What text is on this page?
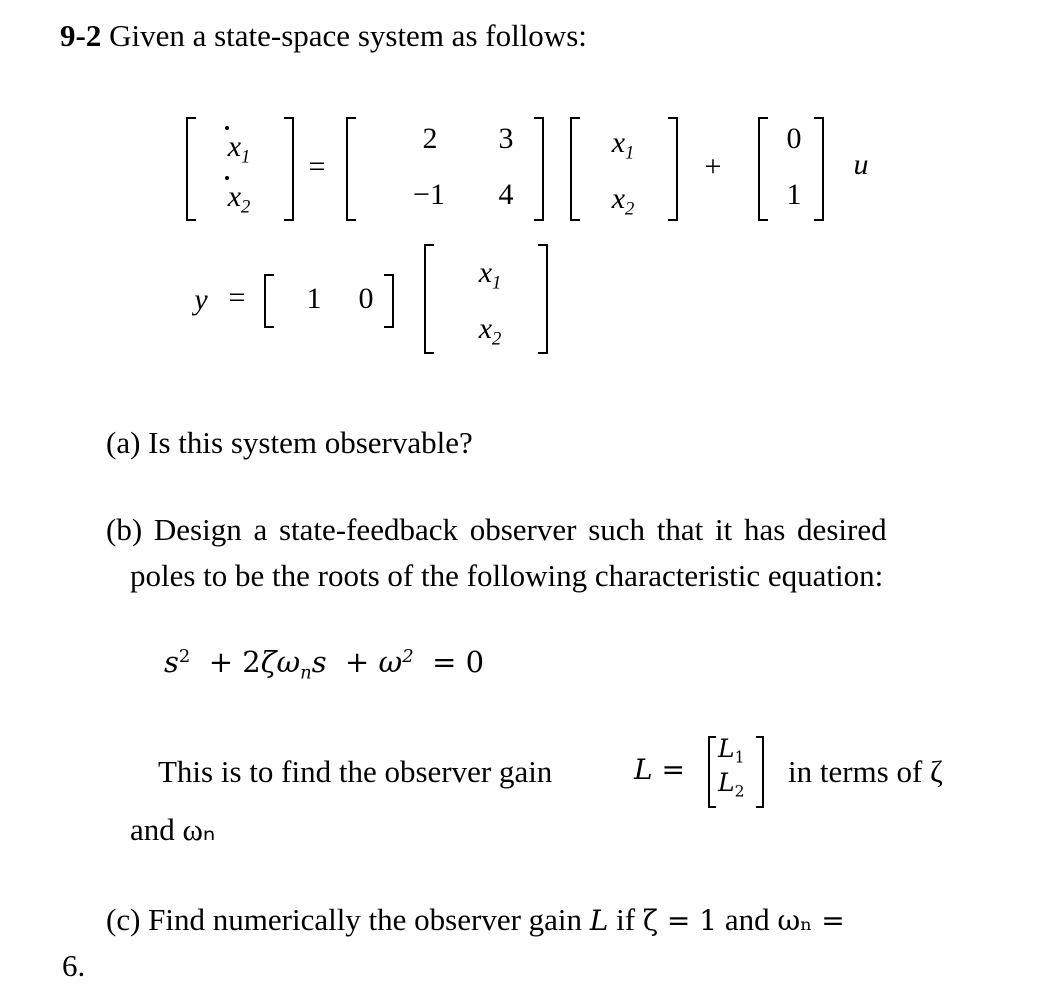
9-2 Given a state-space system as follows:
$x_1$
$x_2$
=
2	3
−1	4
$x_1$
$x_2$
+
0
1
u
y =	1	0
$x_1$
$x_2$
(a) Is this system observable?
(b) Design a state-feedback observer such that it has desired
poles to be the roots of the following characteristic equation:
$s^2 + 2\zeta\omega_ns + \omega^2 = 0$
This is to find the observer gain	L =
$L_1$
$L_2$
in terms of ζ
and ωₙ
(c) Find numerically the observer gain L if ζ = 1 and ωₙ =
6.
